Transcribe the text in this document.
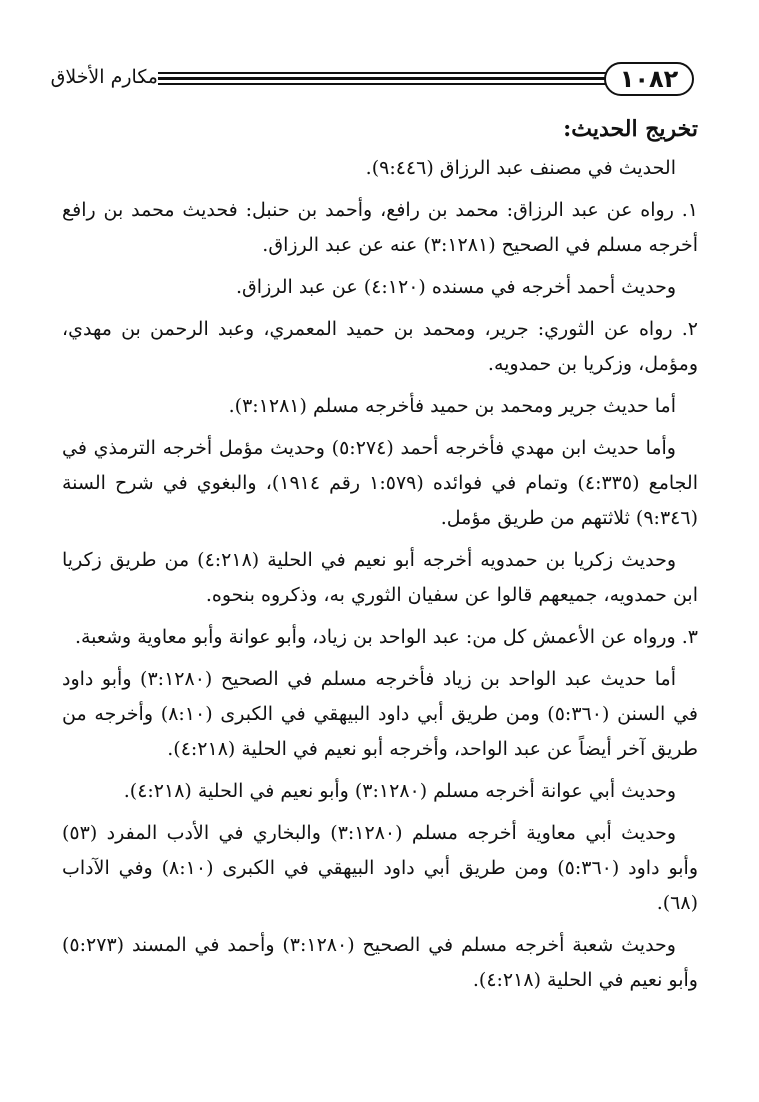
١٠٨٢
مكارم الأخلاق
تخريج الحديث:

الحديث في مصنف عبد الرزاق (٩:٤٤٦).

١. رواه عن عبد الرزاق: محمد بن رافع، وأحمد بن حنبل: فحديث محمد بن رافع أخرجه مسلم في الصحيح (٣:١٢٨١) عنه عن عبد الرزاق.

وحديث أحمد أخرجه في مسنده (٤:١٢٠) عن عبد الرزاق.

٢. رواه عن الثوري: جرير، ومحمد بن حميد المعمري، وعبد الرحمن بن مهدي، ومؤمل، وزكريا بن حمدويه.

أما حديث جرير ومحمد بن حميد فأخرجه مسلم (٣:١٢٨١).

وأما حديث ابن مهدي فأخرجه أحمد (٥:٢٧٤) وحديث مؤمل أخرجه الترمذي في الجامع (٤:٣٣٥) وتمام في فوائده (١:٥٧٩ رقم ١٩١٤)، والبغوي في شرح السنة (٩:٣٤٦) ثلاثتهم من طريق مؤمل.

وحديث زكريا بن حمدويه أخرجه أبو نعيم في الحلية (٤:٢١٨) من طريق زكريا ابن حمدويه، جميعهم قالوا عن سفيان الثوري به، وذكروه بنحوه.

٣. ورواه عن الأعمش كل من: عبد الواحد بن زياد، وأبو عوانة وأبو معاوية وشعبة.

أما حديث عبد الواحد بن زياد فأخرجه مسلم في الصحيح (٣:١٢٨٠) وأبو داود في السنن (٥:٣٦٠) ومن طريق أبي داود البيهقي في الكبرى (٨:١٠) وأخرجه من طريق آخر أيضاً عن عبد الواحد، وأخرجه أبو نعيم في الحلية (٤:٢١٨).

وحديث أبي عوانة أخرجه مسلم (٣:١٢٨٠) وأبو نعيم في الحلية (٤:٢١٨).

وحديث أبي معاوية أخرجه مسلم (٣:١٢٨٠) والبخاري في الأدب المفرد (٥٣) وأبو داود (٥:٣٦٠) ومن طريق أبي داود البيهقي في الكبرى (٨:١٠) وفي الآداب (٦٨).

وحديث شعبة أخرجه مسلم في الصحيح (٣:١٢٨٠) وأحمد في المسند (٥:٢٧٣) وأبو نعيم في الحلية (٤:٢١٨).
